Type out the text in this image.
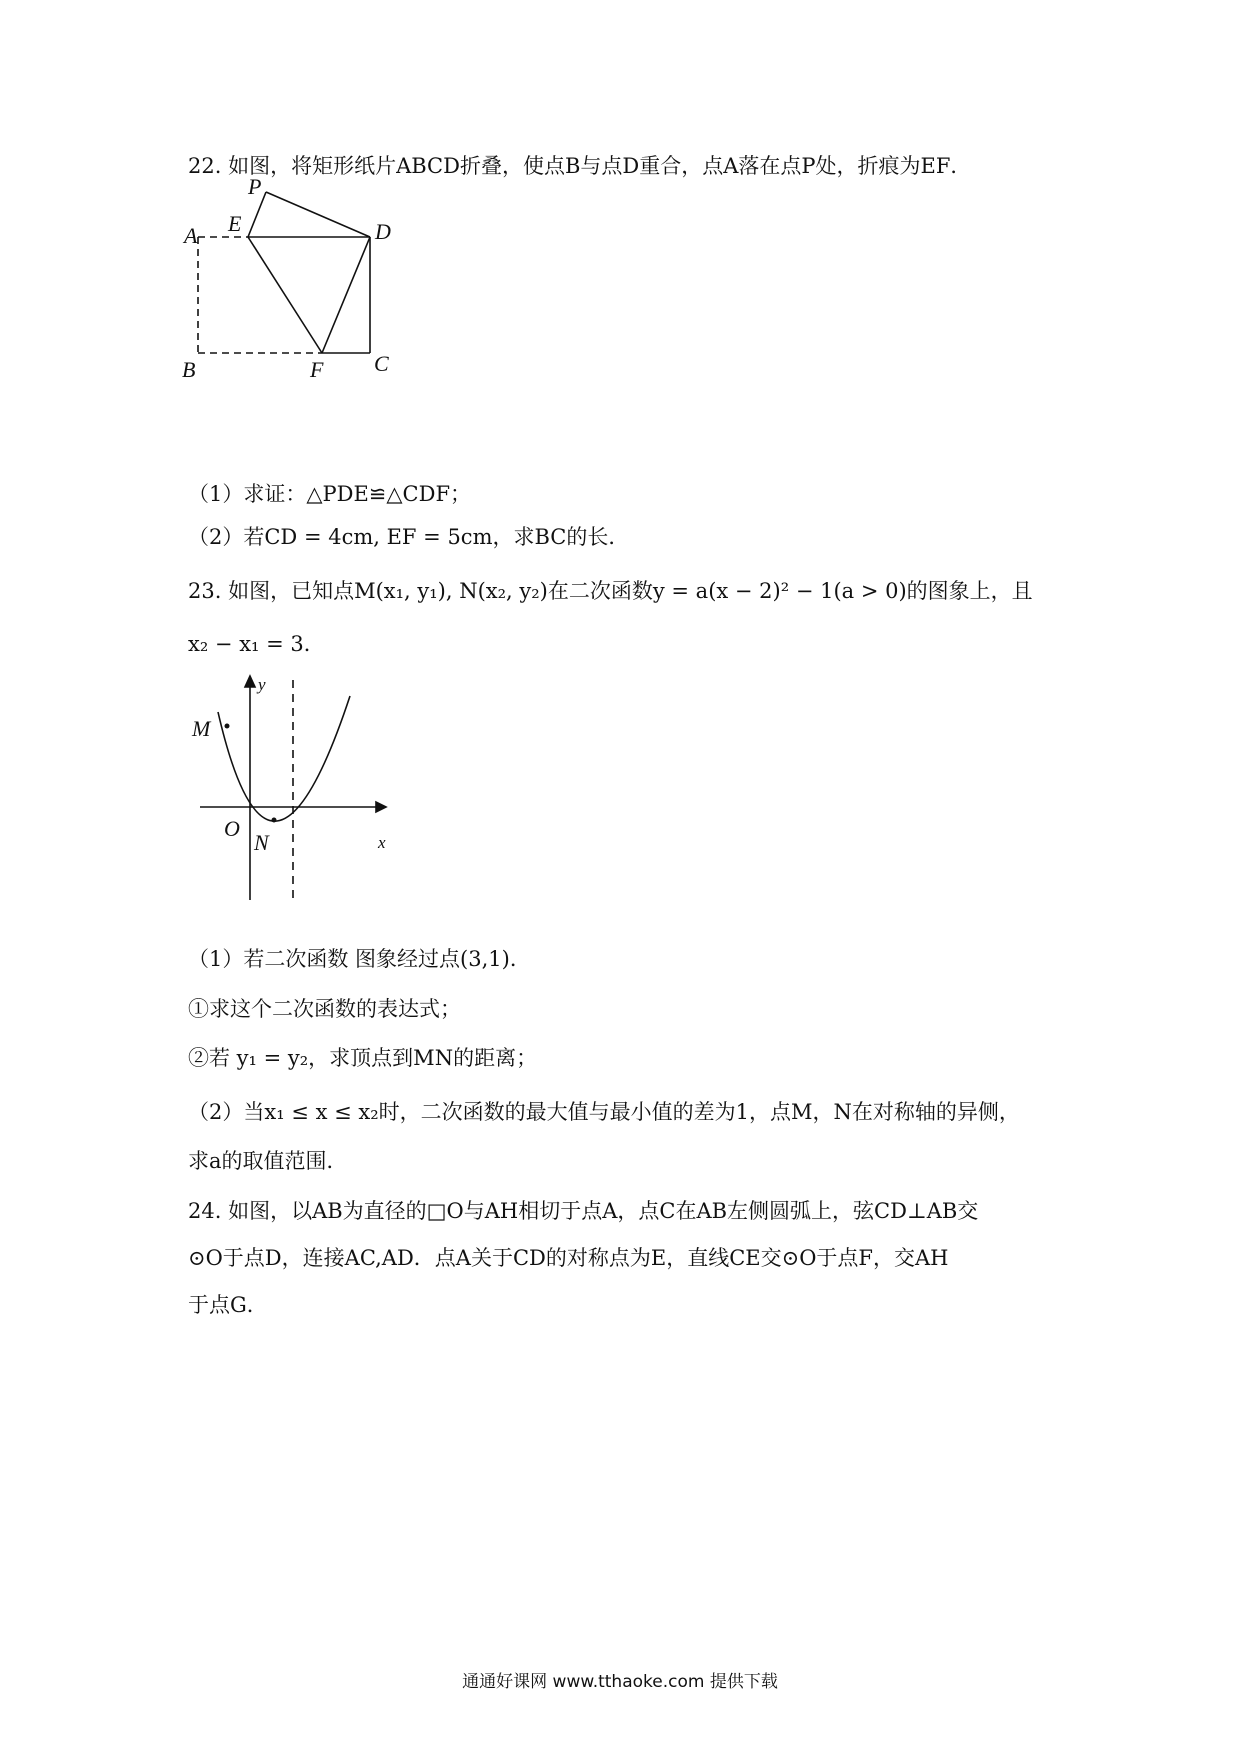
22. 如图，将矩形纸片ABCD折叠，使点B与点D重合，点A落在点P处，折痕为EF．
P
E
A	D
B	F C
（1）求证：△PDE≌△CDF；
（2）若CD = 4cm, EF = 5cm，求BC的长．
23. 如图，已知点M(x₁, y₁), N(x₂, y₂)在二次函数y = a(x − 2)² − 1(a > 0)的图象上，且
x₂ − x₁ = 3．
y
x
M
O
N
（1）若二次函数 图象经过点(3,1)．
①求这个二次函数的表达式；
②若 y₁ = y₂，求顶点到MN的距离；
（2）当x₁ ≤ x ≤ x₂时，二次函数的最大值与最小值的差为1，点M，N在对称轴的异侧，
求a的取值范围．
24. 如图，以AB为直径的□O与AH相切于点A，点C在AB左侧圆弧上，弦CD⊥AB交
⊙O于点D，连接AC,AD．点A关于CD的对称点为E，直线CE交⊙O于点F，交AH
于点G．
通通好课网 www.tthaoke.com 提供下载
